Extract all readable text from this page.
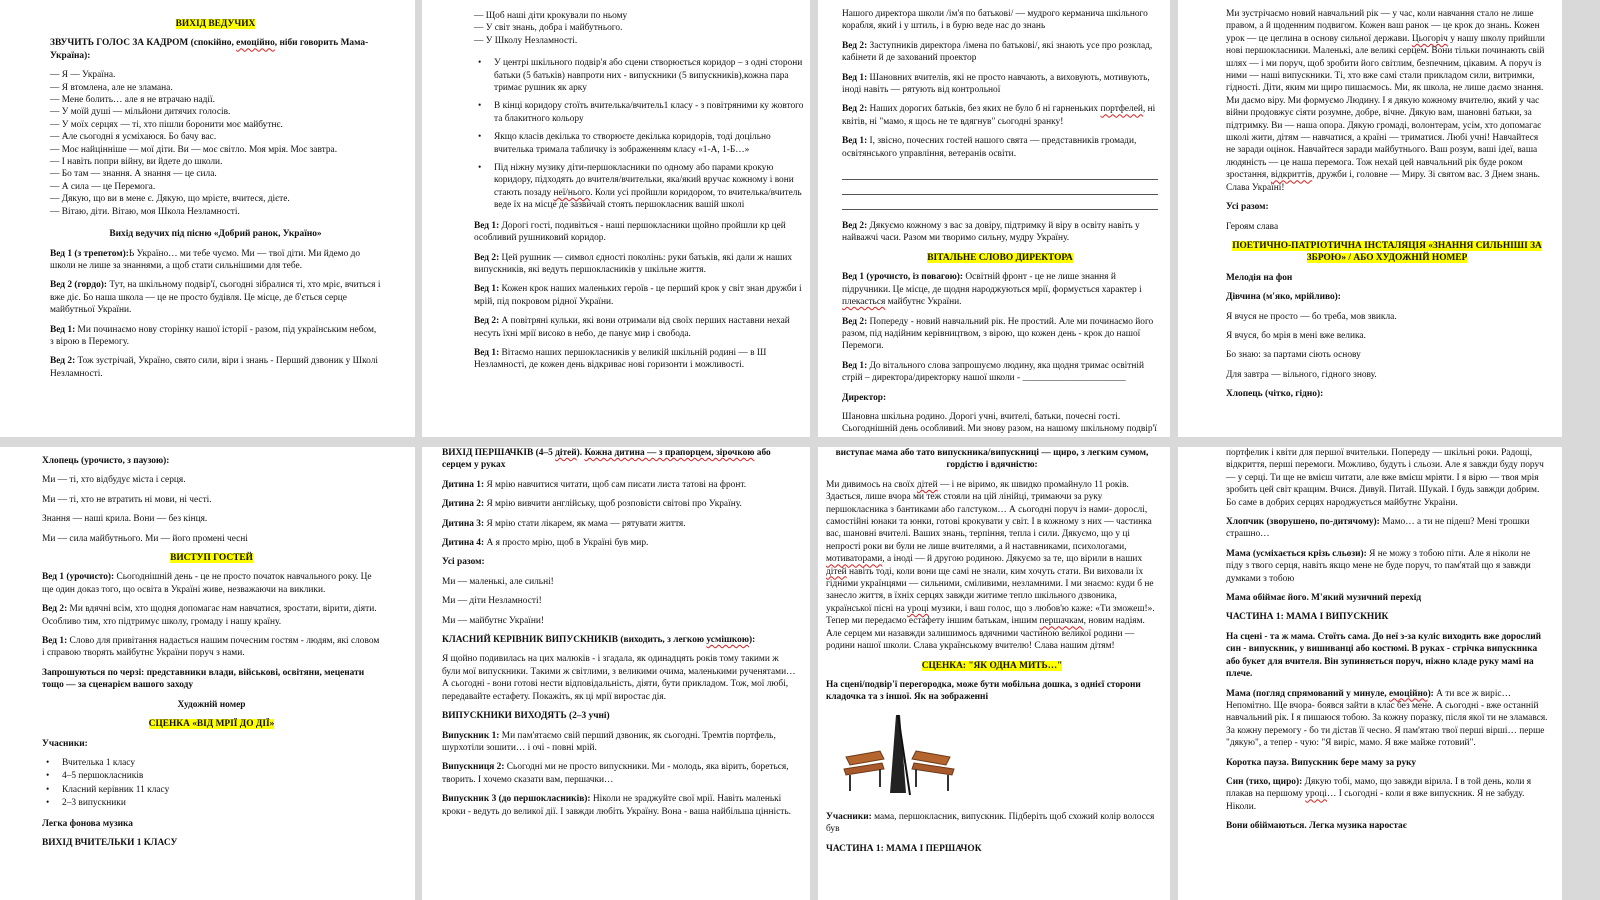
ВИХІД ВЕДУЧИХ

ЗВУЧИТЬ ГОЛОС ЗА КАДРОМ (спокійно, емоційно, ніби говорить Мама-Україна):

— Я — Україна.
— Я втомлена, але не зламана.
— Мене болить… але я не втрачаю надії.
— У моїй душі — мільйони дитячих голосів.
— У моїх серцях — ті, хто пішли боронити моє майбутнє.
— Але сьогодні я усміхаюся. Бо бачу вас.
— Моє найцінніше — мої діти. Ви — моє світло. Моя мрія. Моє завтра.
— І навіть попри війну, ви йдете до школи.
— Бо там — знання. А знання — це сила.
— А сила — це Перемога.
— Дякую, що ви в мене є. Дякую, що мрієте, вчитеся, дієте.
— Вітаю, діти. Вітаю, моя Школа Незламності.

Вихід ведучих під пісню «Добрий ранок, Україно»

Вед 1 (з трепетом):Ь Україно… ми тебе чуємо. Ми — твої діти. Ми йдемо до школи не лише за знаннями, а щоб стати сильнішими для тебе.

Вед 2 (гордо): Тут, на шкільному подвір'ї, сьогодні зібралися ті, хто мріє, вчиться і вже діє. Бо наша школа — це не просто будівля. Це місце, де б'ється серце майбутньої України.

Вед 1: Ми починаємо нову сторінку нашої історії - разом, під українським небом, з вірою в Перемогу.

Вед 2: Тож зустрічай, Україно, свято сили, віри і знань - Перший дзвоник у Школі Незламності.

— Щоб наші діти крокували по ньому
— У світ знань, добра і майбутнього.
— У Школу Незламності.
• У центрі шкільного подвір'я або сцени створюється коридор – з одні сторони батьки (5 батьків) навпроти них - випускники (5 випускників),кожна пара тримає рушник як арку
• В кінці коридору стоїть вчителька/вчитель1 класу - з повітряними ку жовтого та блакитного кольору
• Якщо класів декілька то створюєте декілька коридорів, тоді доцільно вчителька тримала табличку із зображенням класу «1-А, 1-Б…»
• Під ніжну музику діти-першокласники по одному або парами крокую коридору, підходять до вчителя/вчительки, яка/який вручає кожному і вони стають позаду неї/нього. Коли усі пройшли коридором, то вчителька/вчитель веде їх на місце де зазвичай стоять першокласник вашій школі

Вед 1: Дорогі гості, подивіться - наші першокласники щойно пройшли кр цей особливий рушниковий коридор.

Вед 2: Цей рушник — символ єдності поколінь: руки батьків, які дали ж наших випускників, які ведуть першокласників у шкільне життя.

Вед 1: Кожен крок наших маленьких героїв - це перший крок у світ знан дружби і мрій, під покровом рідної України.

Вед 2: А повітряні кульки, які вони отримали від своїх перших наставни нехай несуть їхні мрії високо в небо, де панує мир і свобода.

Вед 1: Вітаємо наших першокласників у великій шкільній родині — в Ш Незламності, де кожен день відкриває нові горизонти і можливості.

Нашого директора школи /ім'я по батькові/ — мудрого керманича шкільного корабля, який і у штиль, і в бурю веде нас до знань

Вед 2: Заступників директора /імена по батькові/, які знають усе про розклад, кабінети й де захований проектор

Вед 1: Шановних вчителів, які не просто навчають, а виховують, мотивують, іноді навіть — рятують від контрольної

Вед 2: Наших дорогих батьків, без яких не було б ні гарненьких портфелей, ні квітів, ні "мамо, я щось не те вдягнув" сьогодні зранку!

Вед 1: І, звісно, почесних гостей нашого свята — представників громади, освітянського управління, ветеранів освіти.

Вед 2: Дякуємо кожному з вас за довіру, підтримку й віру в освіту навіть у найважчі часи. Разом ми творимо сильну, мудру Україну.

ВІТАЛЬНЕ СЛОВО ДИРЕКТОРА

Вед 1 (урочисто, із повагою): Освітній фронт - це не лише знання й підручники. Це місце, де щодня народжуються мрії, формується характер і плекається майбутнє України.

Вед 2: Попереду - новий навчальний рік. Не простий. Але ми починаємо його разом, під надійним керівництвом, з вірою, що кожен день - крок до нашої Перемоги.

Вед 1: До вітального слова запрошуємо людину, яка щодня тримає освітній стрій – директора/директорку нашої школи - ______________________

Директор:

Шановна шкільна родино. Дорогі учні, вчителі, батьки, почесні гості. Сьогоднішній день особливий. Ми знову разом, на нашому шкільному подвір'ї

Ми зустрічаємо новий навчальний рік — у час, коли навчання стало не лише правом, а й щоденним подвигом. Кожен ваш ранок — це крок до знань. Кожен урок — це цеглина в основу сильної держави. Цьогоріч у нашу школу прийшли нові першокласники. Маленькі, але великі серцем. Вони тільки починають свій шлях — і ми поруч, щоб зробити його світлим, безпечним, цікавим. А поруч із ними — наші випускники. Ті, хто вже самі стали прикладом сили, витримки, гідності. Діти, яким ми щиро пишаємось. Ми, як школа, не лише даємо знання. Ми даємо віру. Ми формуємо Людину. І я дякую кожному вчителю, який у час війни продовжує сіяти розумне, добре, вічне. Дякую вам, шановні батьки, за підтримку. Ви — наша опора. Дякую громаді, волонтерам, усім, хто допомагає школі жити, дітям — навчатися, а країні — триматися. Любі учні! Навчайтеся не заради оцінок. Навчайтеся заради майбутнього. Ваш розум, ваші ідеї, ваша людяність — це наша перемога. Тож нехай цей навчальний рік буде роком зростання, відкриттів, дружби і, головне — Миру. Зі святом вас. З Днем знань. Слава Україні!

Усі разом:

Героям слава

ПОЕТИЧНО-ПАТРІОТИЧНА ІНСТАЛЯЦІЯ «ЗНАННЯ СИЛЬНІШІ ЗА ЗБРОЮ» / АБО ХУДОЖНІЙ НОМЕР

Мелодія на фон

Дівчина (м'яко, мрійливо):

Я вчуся не просто — бо треба, мов звикла.

Я вчуся, бо мрія в мені вже велика.

Бо знаю: за партами сіють основу

Для завтра — вільного, гідного знову.

Хлопець (чітко, гідно):

Хлопець (урочисто, з паузою):

Ми — ті, хто відбудує міста і серця.

Ми — ті, хто не втратить ні мови, ні честі.

Знання — наші крила. Вони — без кінця.

Ми — сила майбутнього. Ми — його промені чесні

ВИСТУП ГОСТЕЙ

Вед 1 (урочисто): Сьогоднішній день - це не просто початок навчального року. Це ще один доказ того, що освіта в Україні живе, незважаючи на виклики.

Вед 2: Ми вдячні всім, хто щодня допомагає нам навчатися, зростати, вірити, діяти. Особливо тим, хто підтримує школу, громаду і нашу країну.

Вед 1: Слово для привітання надається нашим почесним гостям - людям, які словом і справою творять майбутнє України поруч з нами.

Запрошуються по черзі: представники влади, військові, освітяни, меценати тощо — за сценарієм вашого заходу

Художній номер

СЦЕНКА «ВІД МРІЇ ДО ДІЇ»

Учасники:

• Вчителька 1 класу
• 4–5 першокласників
• Класний керівник 11 класу
• 2–3 випускники

Легка фонова музика

ВИХІД ВЧИТЕЛЬКИ 1 КЛАСУ

ВИХІД ПЕРШАЧКІВ (4–5 дітей). Кожна дитина — з прапорцем, зірочкою або серцем у руках

Дитина 1: Я мрію навчитися читати, щоб сам писати листа татові на фронт.

Дитина 2: Я мрію вивчити англійську, щоб розповісти світові про Україну.

Дитина 3: Я мрію стати лікарем, як мама — рятувати життя.

Дитина 4: А я просто мрію, щоб в Україні був мир.

Усі разом:

Ми — маленькі, але сильні!

Ми — діти Незламності!

Ми — майбутнє України!

КЛАСНИЙ КЕРІВНИК ВИПУСКНИКІВ (виходить, з легкою усмішкою):

Я щойно подивилась на цих малюків - і згадала, як одинадцять років тому такими ж були мої випускники. Такими ж світлими, з великими очима, маленькими рученятами… А сьогодні - вони готові нести відповідальність, діяти, бути прикладом. Тож, мої любі, передавайте естафету. Покажіть, як ці мрії виростає дія.

ВИПУСКНИКИ ВИХОДЯТЬ (2–3 учні)

Випускник 1: Ми пам'ятаємо свій перший дзвоник, як сьогодні. Тремтів портфель, шурхотіли зошити… і очі - повні мрій.

Випускниця 2: Сьогодні ми не просто випускники. Ми - молодь, яка вірить, бореться, творить. І хочемо сказати вам, першачки…

Випускник 3 (до першокласників): Ніколи не зраджуйте свої мрії. Навіть маленькі кроки - ведуть до великої дії. І завжди любіть Україну. Вона - ваша найбільша цінність.

виступає мама або тато випускника/випускниці — щиро, з легким сумом, гордістю і вдячністю:

Ми дивимось на своїх дітей — і не віримо, як швидко промайнуло 11 років. Здається, лише вчора ми теж стояли на цій лінійці, тримаючи за руку першокласника з бантиками або галстуком… А сьогодні поруч із нами- дорослі, самостійні юнаки та юнки, готові крокувати у світ. І в кожному з них — частинка вас, шановні вчителі. Ваших знань, терпіння, тепла і сили. Дякуємо, що у ці непрості роки ви були не лише вчителями, а й наставниками, психологами, мотиваторами, а іноді — й другою родиною. Дякуємо за те, що вірили в наших дітей навіть тоді, коли вони ще самі не знали, ким хочуть стати. Ви виховали їх гідними українцями — сильними, сміливими, незламними. І ми знаємо: куди б не занесло життя, в їхніх серцях завжди житиме тепло шкільного дзвоника, української пісні на уроці музики, і ваш голос, що з любов'ю каже: «Ти зможеш!». Тепер ми передаємо естафету іншим батькам, іншим першачкам, новим надіям. Але серцем ми назавжди залишимось вдячними частиною великої родини — родини нашої школи. Слава українському вчителю! Слава нашим дітям!

СЦЕНКА: "ЯК ОДНА МИТЬ…"

На сцені/подвір'ї перегородка, може бути мобільна дошка, з однієї сторони кладочка та з іншої. Як на зображенні

Учасники: мама, першокласник, випускник. Підберіть щоб схожий колір волосся був

ЧАСТИНА 1: МАМА І ПЕРШАЧОК

портфелик і квіти для першої вчительки. Попереду — шкільні роки. Радощі, відкриття, перші перемоги. Можливо, будуть і сльози. Але я завжди буду поруч — у серці. Ти ще не вмієш читати, але вже вмієш мріяти. І я вірю — твоя мрія зробить цей світ кращим. Вчися. Дивуй. Питай. Шукай. І будь завжди добрим. Бо саме в добрих серцях народжується майбутнє України.

Хлопчик (зворушено, по-дитячому): Мамо… а ти не підеш? Мені трошки страшно…

Мама (усміхається крізь сльози): Я не можу з тобою піти. Але я ніколи не піду з твого серця, навіть якщо мене не буде поруч, то пам'ятай що я завжди думками з тобою

Мама обіймає його. М'який музичний перехід

ЧАСТИНА 1: МАМА І ВИПУСКНИК

На сцені - та ж мама. Стоїть сама. До неї з-за куліс виходить вже дорослий син - випускник, у вишиванці або костюмі. В руках - стрічка випускника або букет для вчителя. Він зупиняється поруч, ніжно кладе руку мамі на плече.

Мама (погляд спрямований у минуле, емоційно): А ти все ж виріс… Непомітно. Ще вчора- боявся зайти в клас без мене. А сьогодні - вже останній навчальний рік. І я пишаюся тобою. За кожну поразку, після якої ти не зламався. За кожну перемогу - бо ти дістав її чесно. Я пам'ятаю твої перші вірші… перше "дякую", а тепер - чую: "Я виріс, мамо. Я вже майже готовий".

Коротка пауза. Випускник бере маму за руку

Син (тихо, щиро): Дякую тобі, мамо, що завжди вірила. І в той день, коли я плакав на першому уроці… І сьогодні - коли я вже випускник. Я не забуду. Ніколи.

Вони обіймаються. Легка музика наростає
